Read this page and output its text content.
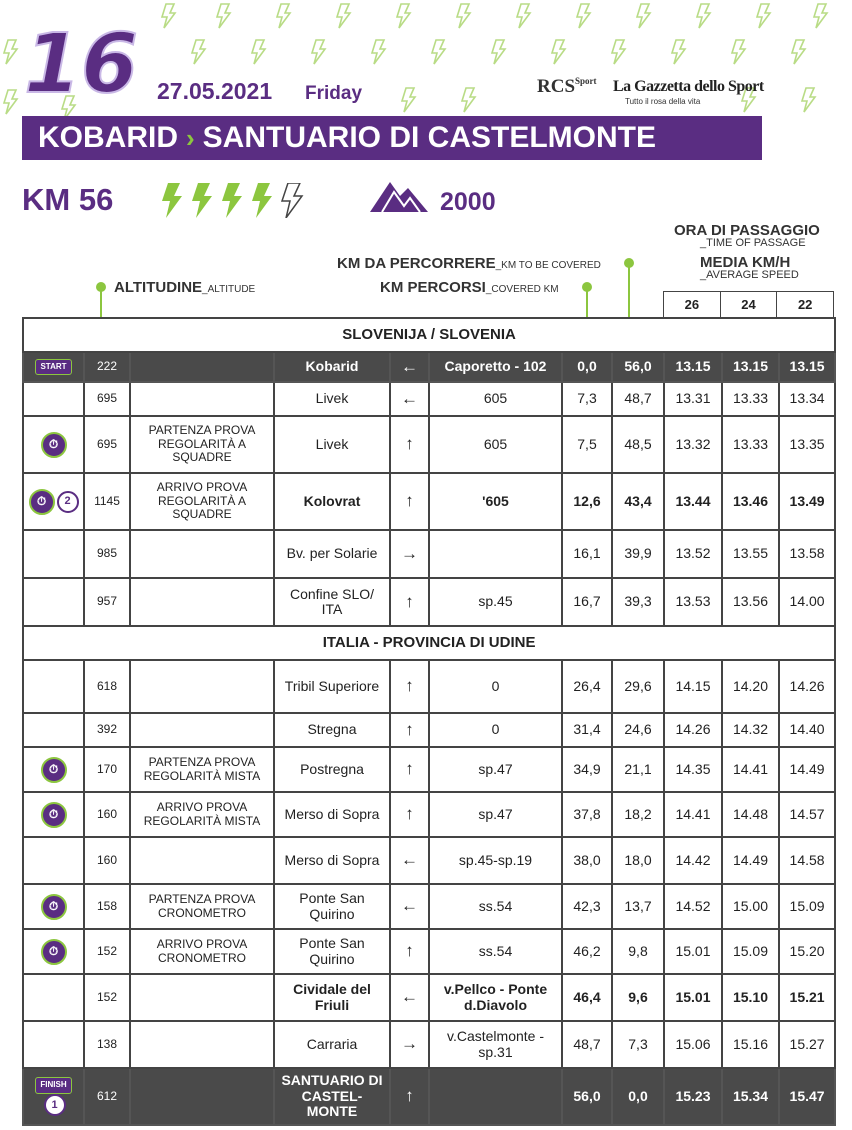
16 27.05.2021 Friday	$RCS^{Sport}$ La Gazzetta dello Sport
Tutto il rosa della vita
KOBARID › SANTUARIO DI CASTELMONTE
KM 56	2000
ALTITUDINE_ALTITUDE
KM DA PERCORRERE_KM TO BE COVERED
KM PERCORSI_COVERED KM
ORA DI PASSAGGIO
_TIME OF PASSAGE
MEDIA KM/H
_AVERAGE SPEED
26	24	22
SLOVENIJA / SLOVENIA										
START	222		Kobarid	←	Caporetto - 102	0,0	56,0	13.15	13.15	13.15
	695		Livek	←	605	7,3	48,7	13.31	13.33	13.34
⏱	695	PARTENZA PROVA REGOLARITÀ A SQUADRE	Livek	↑	605	7,5	48,5	13.32	13.33	13.35
⏱ 2	1145	ARRIVO PROVA REGOLARITÀ A SQUADRE	Kolovrat	↑	'605	12,6	43,4	13.44	13.46	13.49
	985		Bv. per Solarie	→		16,1	39,9	13.52	13.55	13.58
	957		Confine SLO/ ITA	↑	sp.45	16,7	39,3	13.53	13.56	14.00
ITALIA - PROVINCIA DI UDINE										
	618		Tribil Superiore	↑	0	26,4	29,6	14.15	14.20	14.26
	392		Stregna	↑	0	31,4	24,6	14.26	14.32	14.40
⏱	170	PARTENZA PROVA REGOLARITÀ MISTA	Postregna	↑	sp.47	34,9	21,1	14.35	14.41	14.49
⏱	160	ARRIVO PROVA REGOLARITÀ MISTA	Merso di Sopra	↑	sp.47	37,8	18,2	14.41	14.48	14.57
	160		Merso di Sopra	←	sp.45-sp.19	38,0	18,0	14.42	14.49	14.58
⏱	158	PARTENZA PROVA CRONOMETRO	Ponte San Quirino	←	ss.54	42,3	13,7	14.52	15.00	15.09
⏱	152	ARRIVO PROVA CRONOMETRO	Ponte San Quirino	↑	ss.54	46,2	9,8	15.01	15.09	15.20
	152		Cividale del Friuli	←	v.Pellco - Ponte d.Diavolo	46,4	9,6	15.01	15.10	15.21
	138		Carraria	→	v.Castelmonte - sp.31	48,7	7,3	15.06	15.16	15.27
FINISH1	612		SANTUARIO DI CASTEL-MONTE	↑		56,0	0,0	15.23	15.34	15.47
